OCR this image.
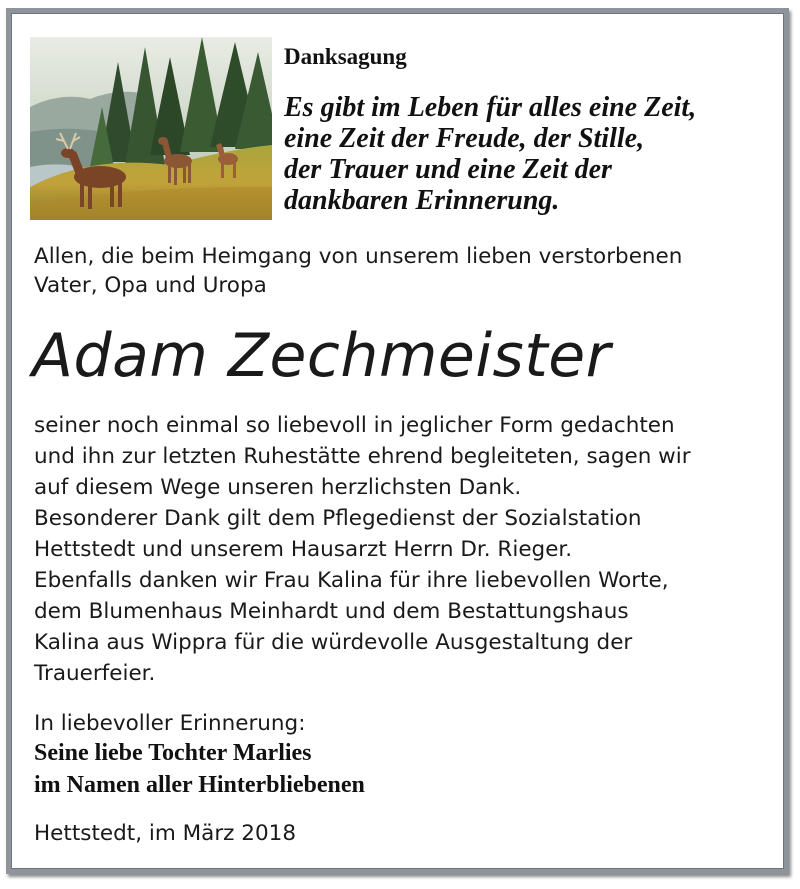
Danksagung

Es gibt im Leben für alles eine Zeit,
eine Zeit der Freude, der Stille,
der Trauer und eine Zeit der
dankbaren Erinnerung.

Allen, die beim Heimgang von unserem lieben verstorbenen
Vater, Opa und Uropa

Adam Zechmeister

seiner noch einmal so liebevoll in jeglicher Form gedachten
und ihn zur letzten Ruhestätte ehrend begleiteten, sagen wir
auf diesem Wege unseren herzlichsten Dank.
Besonderer Dank gilt dem Pflegedienst der Sozialstation
Hettstedt und unserem Hausarzt Herrn Dr. Rieger.
Ebenfalls danken wir Frau Kalina für ihre liebevollen Worte,
dem Blumenhaus Meinhardt und dem Bestattungshaus
Kalina aus Wippra für die würdevolle Ausgestaltung der
Trauerfeier.

In liebevoller Erinnerung:

Seine liebe Tochter Marlies

im Namen aller Hinterbliebenen

Hettstedt, im März 2018
